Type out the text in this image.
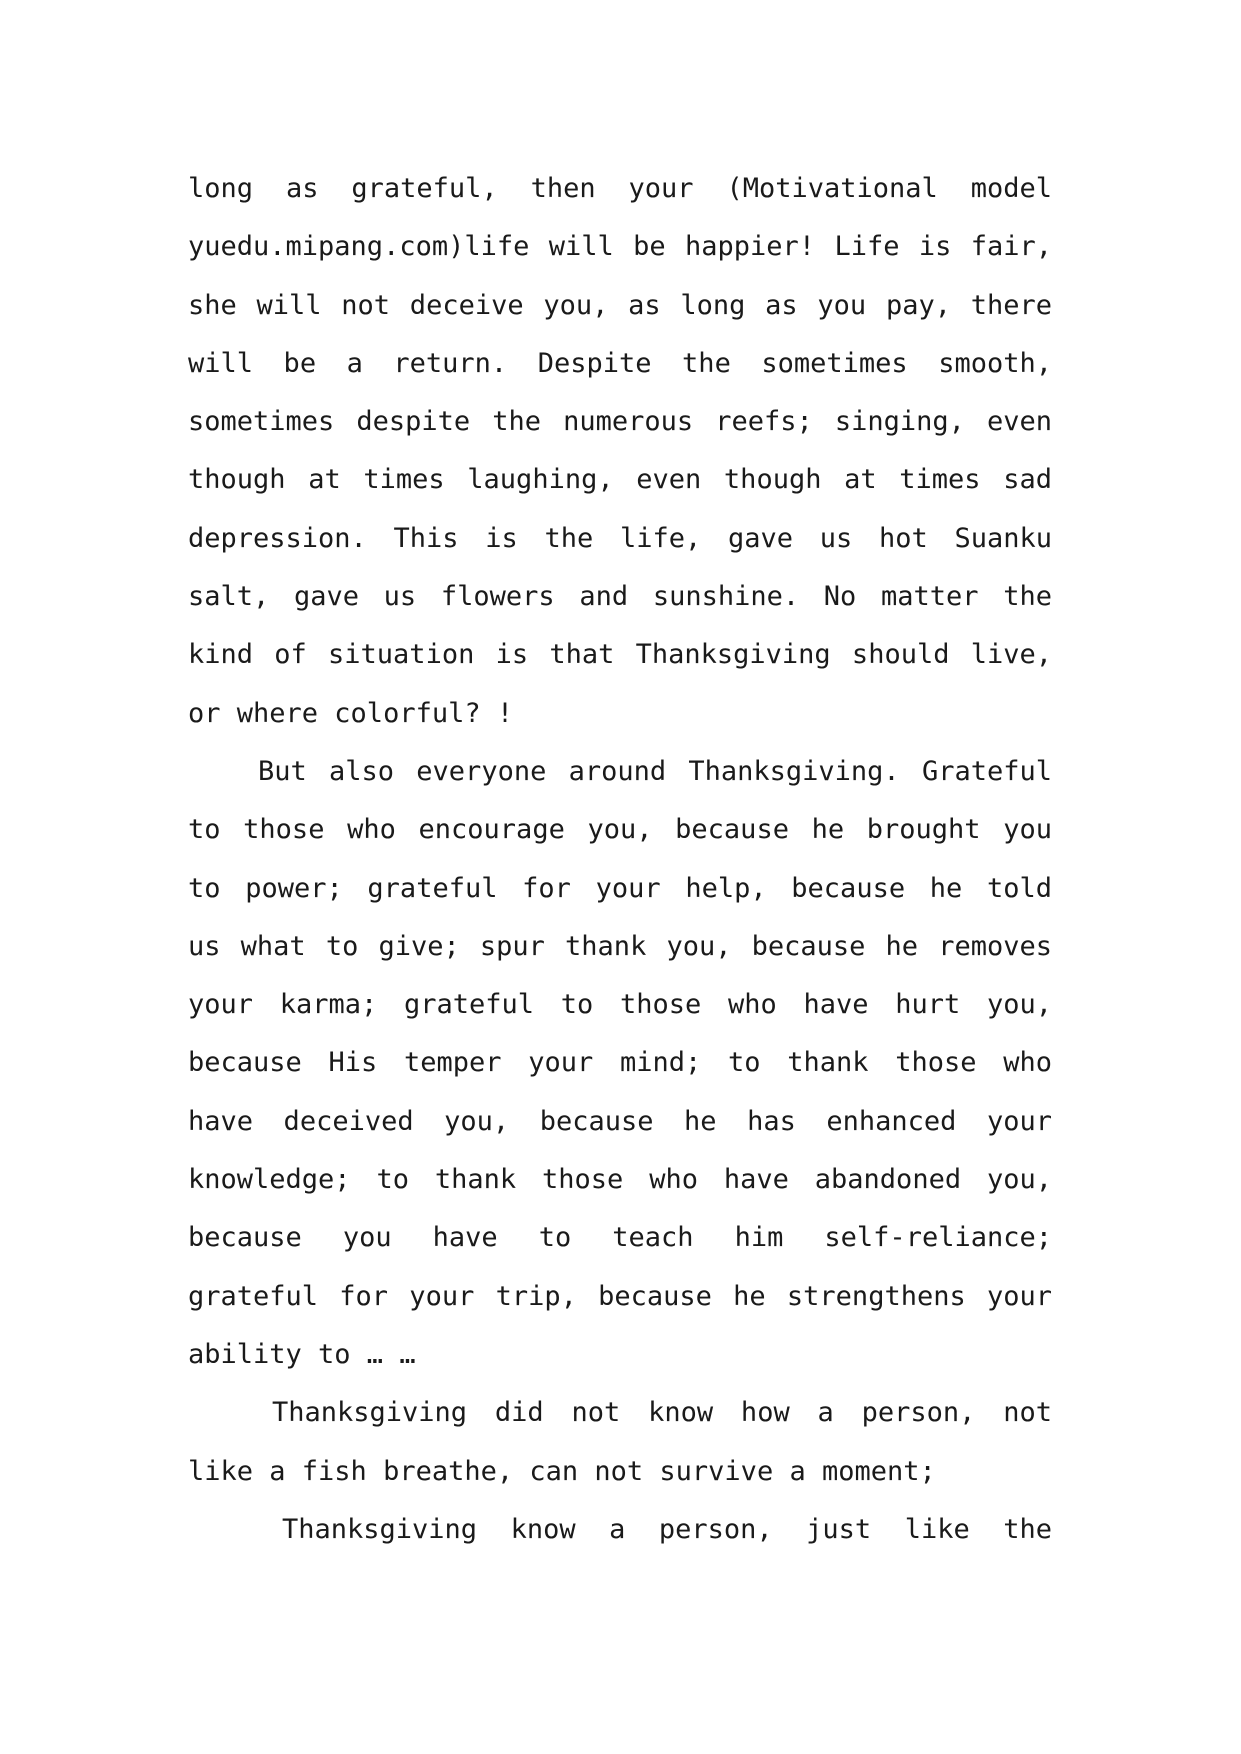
long as grateful, then your (Motivational model
yuedu.mipang.com)life will be happier! Life is fair,
she will not deceive you, as long as you pay, there
will be a return. Despite the sometimes smooth,
sometimes despite the numerous reefs; singing, even
though at times laughing, even though at times sad
depression. This is the life, gave us hot Suanku
salt, gave us flowers and sunshine. No matter the
kind of situation is that Thanksgiving should live,
or where colorful? !
But also everyone around Thanksgiving. Grateful
to those who encourage you, because he brought you
to power; grateful for your help, because he told
us what to give; spur thank you, because he removes
your karma; grateful to those who have hurt you,
because His temper your mind; to thank those who
have deceived you, because he has enhanced your
knowledge; to thank those who have abandoned you,
because you have to teach him self-reliance;
grateful for your trip, because he strengthens your
ability to … …
Thanksgiving did not know how a person, not
like a fish breathe, can not survive a moment;
Thanksgiving know a person, just like the
